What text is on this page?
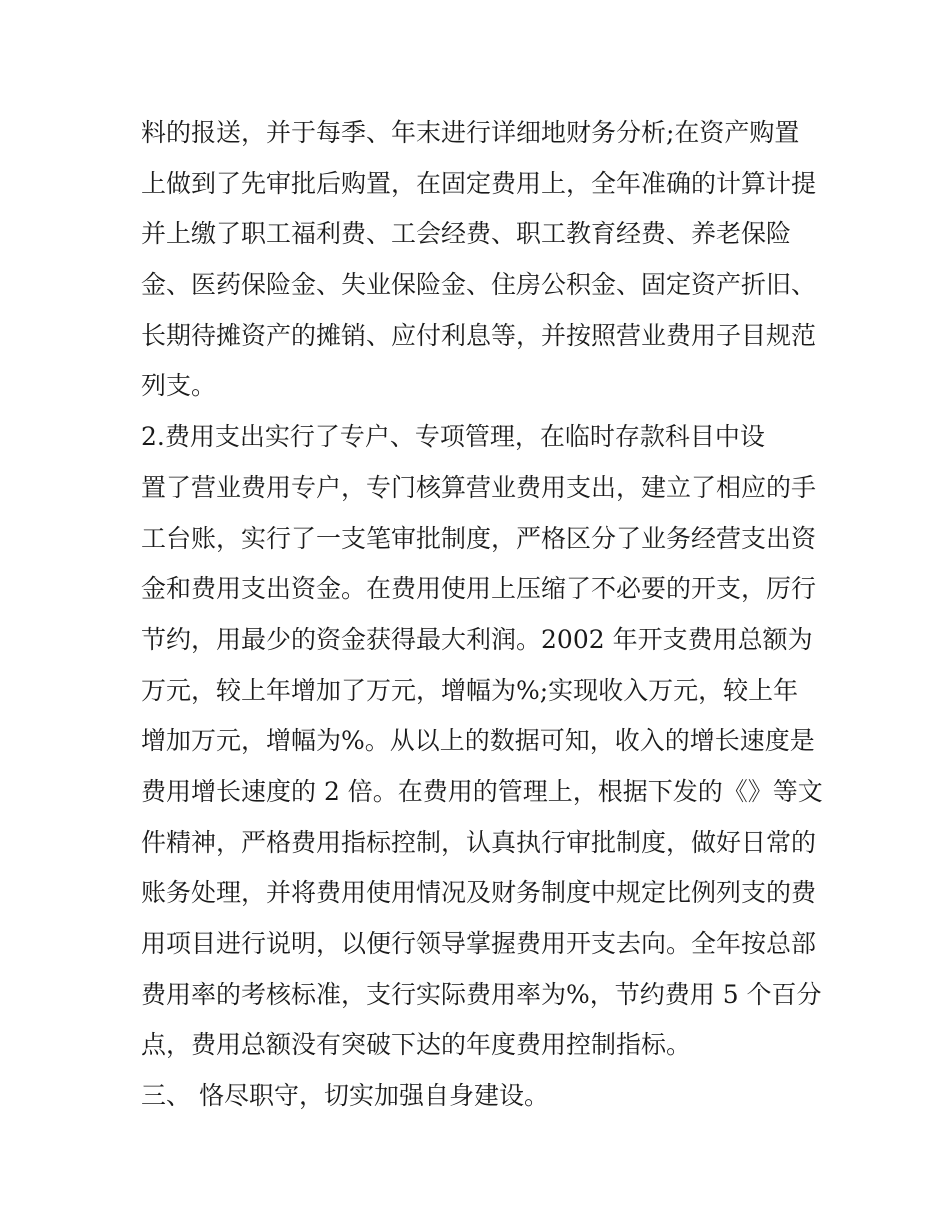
料的报送，并于每季、年末进行详细地财务分析;在资产购置
上做到了先审批后购置，在固定费用上，全年准确的计算计提
并上缴了职工福利费、工会经费、职工教育经费、养老保险
金、医药保险金、失业保险金、住房公积金、固定资产折旧、
长期待摊资产的摊销、应付利息等，并按照营业费用子目规范
列支。
2.费用支出实行了专户、专项管理，在临时存款科目中设
置了营业费用专户，专门核算营业费用支出，建立了相应的手
工台账，实行了一支笔审批制度，严格区分了业务经营支出资
金和费用支出资金。在费用使用上压缩了不必要的开支，厉行
节约，用最少的资金获得最大利润。2002 年开支费用总额为
万元，较上年增加了万元，增幅为%;实现收入万元，较上年
增加万元，增幅为%。从以上的数据可知，收入的增长速度是
费用增长速度的 2 倍。在费用的管理上，根据下发的《》等文
件精神，严格费用指标控制，认真执行审批制度，做好日常的
账务处理，并将费用使用情况及财务制度中规定比例列支的费
用项目进行说明，以便行领导掌握费用开支去向。全年按总部
费用率的考核标准，支行实际费用率为%，节约费用 5 个百分
点，费用总额没有突破下达的年度费用控制指标。
三、 恪尽职守，切实加强自身建设。
